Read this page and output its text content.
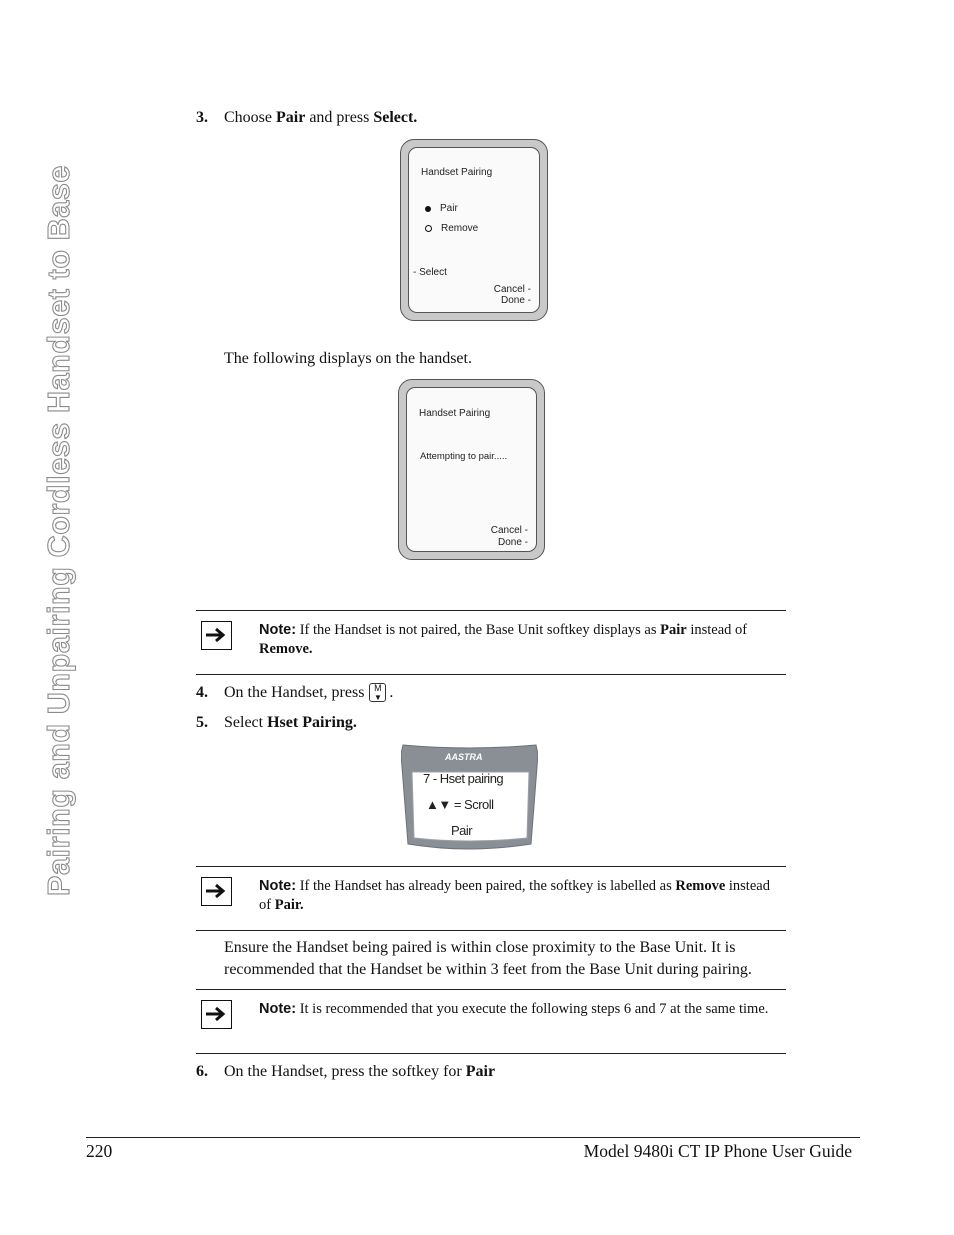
Pairing and Unpairing Cordless Handset to Base
3. Choose Pair and press Select.
Handset Pairing
Pair
Remove
- Select
Cancel -
Done -
The following displays on the handset.
Handset Pairing
Attempting to pair.....
Cancel -
Done -
Note: If the Handset is not paired, the Base Unit softkey displays as Pair instead of Remove.
4. On the Handset, press M
▼ .
5. Select Hset Pairing.
AASTRA
7 - Hset pairing
▲▼ = Scroll
Pair
Note: If the Handset has already been paired, the softkey is labelled as Remove instead of Pair.
Ensure the Handset being paired is within close proximity to the Base Unit. It is
recommended that the Handset be within 3 feet from the Base Unit during pairing.
Note: It is recommended that you execute the following steps 6 and 7 at the same time.
6. On the Handset, press the softkey for Pair
220	Model 9480i CT IP Phone User Guide
